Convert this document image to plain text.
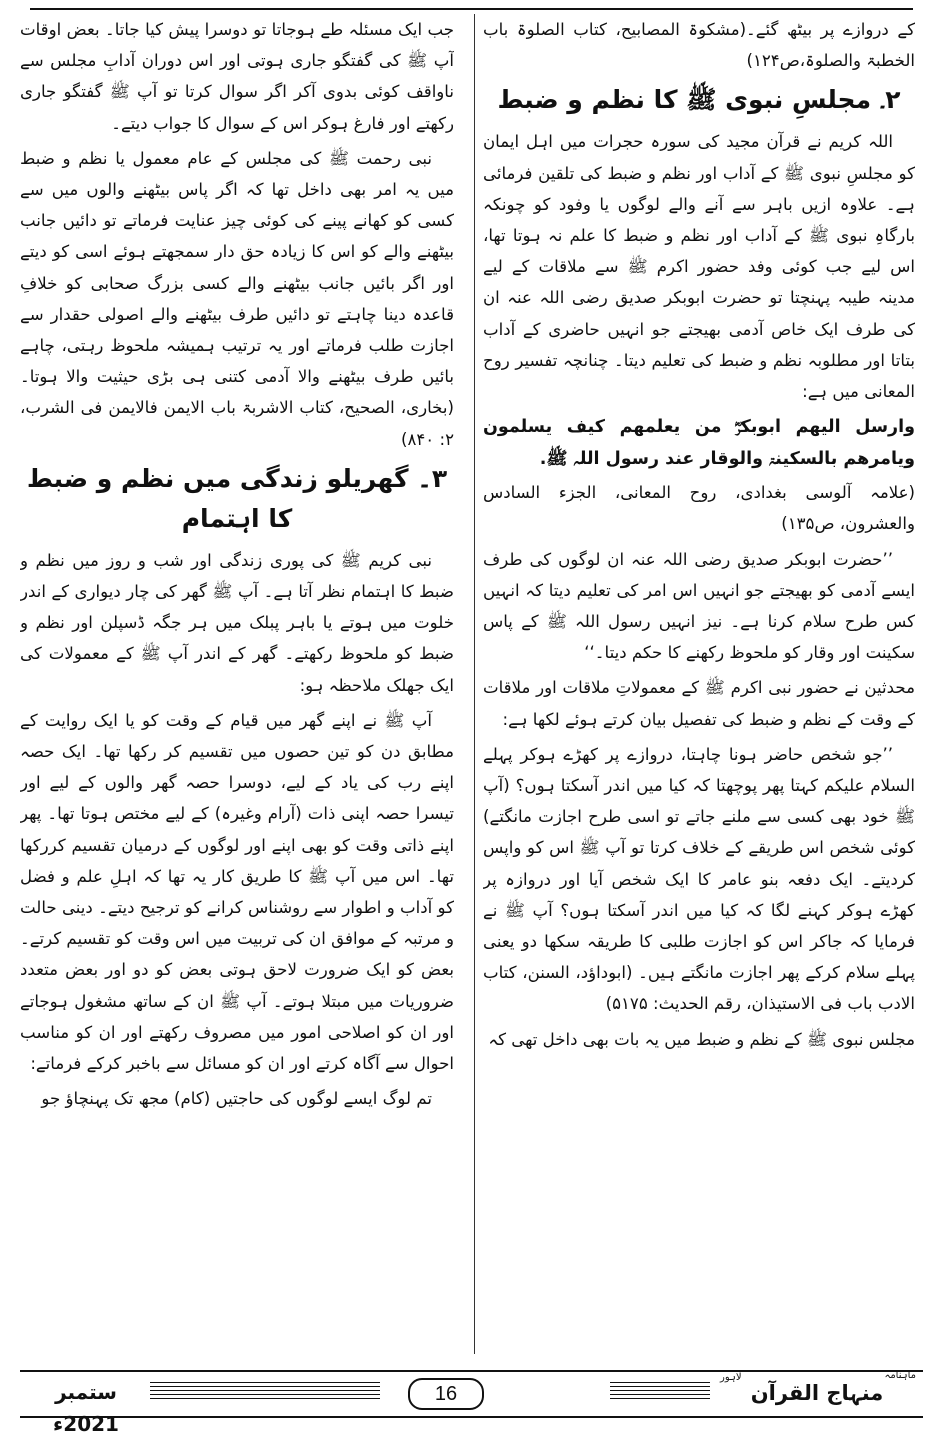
کے دروازے پر بیٹھ گئے۔(مشکوۃ المصابیح، کتاب الصلوۃ باب الخطبۃ والصلوۃ،ص۱۲۴)

۲۔ مجلسِ نبوی ﷺ کا نظم و ضبط

اللہ کریم نے قرآن مجید کی سورہ حجرات میں اہل ایمان کو مجلسِ نبوی ﷺ کے آداب اور نظم و ضبط کی تلقین فرمائی ہے۔ علاوہ ازیں باہر سے آنے والے لوگوں یا وفود کو چونکہ بارگاہِ نبوی ﷺ کے آداب اور نظم و ضبط کا علم نہ ہوتا تھا، اس لیے جب کوئی وفد حضور اکرم ﷺ سے ملاقات کے لیے مدینہ طیبہ پہنچتا تو حضرت ابوبکر صدیق رضی اللہ عنہ ان کی طرف ایک خاص آدمی بھیجتے جو انہیں حاضری کے آداب بتاتا اور مطلوبہ نظم و ضبط کی تعلیم دیتا۔ چنانچہ تفسیر روح المعانی میں ہے:

وارسل الیھم ابوبکرؓ من یعلمھم کیف یسلمون ویامرھم بالسکینۃ والوقار عند رسول اللہ ﷺ.

(علامہ آلوسی بغدادی، روح المعانی، الجزء السادس والعشرون، ص۱۳۵)

’’حضرت ابوبکر صدیق رضی اللہ عنہ ان لوگوں کی طرف ایسے آدمی کو بھیجتے جو انہیں اس امر کی تعلیم دیتا کہ انہیں کس طرح سلام کرنا ہے۔ نیز انہیں رسول اللہ ﷺ کے پاس سکینت اور وقار کو ملحوظ رکھنے کا حکم دیتا۔‘‘

محدثین نے حضور نبی اکرم ﷺ کے معمولاتِ ملاقات اور ملاقات کے وقت کے نظم و ضبط کی تفصیل بیان کرتے ہوئے لکھا ہے:

’’جو شخص حاضر ہونا چاہتا، دروازے پر کھڑے ہوکر پہلے السلام علیکم کہتا پھر پوچھتا کہ کیا میں اندر آسکتا ہوں؟ (آپ ﷺ خود بھی کسی سے ملنے جاتے تو اسی طرح اجازت مانگتے) کوئی شخص اس طریقے کے خلاف کرتا تو آپ ﷺ اس کو واپس کردیتے۔ ایک دفعہ بنو عامر کا ایک شخص آیا اور دروازہ پر کھڑے ہوکر کہنے لگا کہ کیا میں اندر آسکتا ہوں؟ آپ ﷺ نے فرمایا کہ جاکر اس کو اجازت طلبی کا طریقہ سکھا دو یعنی پہلے سلام کرکے پھر اجازت مانگتے ہیں۔ (ابوداؤد، السنن، کتاب الادب باب فی الاستیذان، رقم الحدیث: ۵۱۷۵)

مجلس نبوی ﷺ کے نظم و ضبط میں یہ بات بھی داخل تھی کہ

جب ایک مسئلہ طے ہوجاتا تو دوسرا پیش کیا جاتا۔ بعض اوقات آپ ﷺ کی گفتگو جاری ہوتی اور اس دوران آدابِ مجلس سے ناواقف کوئی بدوی آکر اگر سوال کرتا تو آپ ﷺ گفتگو جاری رکھتے اور فارغ ہوکر اس کے سوال کا جواب دیتے۔

نبی رحمت ﷺ کی مجلس کے عام معمول یا نظم و ضبط میں یہ امر بھی داخل تھا کہ اگر پاس بیٹھنے والوں میں سے کسی کو کھانے پینے کی کوئی چیز عنایت فرماتے تو دائیں جانب بیٹھنے والے کو اس کا زیادہ حق دار سمجھتے ہوئے اسی کو دیتے اور اگر بائیں جانب بیٹھنے والے کسی بزرگ صحابی کو خلافِ قاعدہ دینا چاہتے تو دائیں طرف بیٹھنے والے اصولی حقدار سے اجازت طلب فرماتے اور یہ ترتیب ہمیشہ ملحوظ رہتی، چاہے بائیں طرف بیٹھنے والا آدمی کتنی ہی بڑی حیثیت والا ہوتا۔ (بخاری، الصحیح، کتاب الاشربۃ باب الایمن فالایمن فی الشرب، ۲: ۸۴۰)

۳۔ گھریلو زندگی میں نظم و ضبط کا اہتمام

نبی کریم ﷺ کی پوری زندگی اور شب و روز میں نظم و ضبط کا اہتمام نظر آتا ہے۔ آپ ﷺ گھر کی چار دیواری کے اندر خلوت میں ہوتے یا باہر پبلک میں ہر جگہ ڈسپلن اور نظم و ضبط کو ملحوظ رکھتے۔ گھر کے اندر آپ ﷺ کے معمولات کی ایک جھلک ملاحظہ ہو:

آپ ﷺ نے اپنے گھر میں قیام کے وقت کو یا ایک روایت کے مطابق دن کو تین حصوں میں تقسیم کر رکھا تھا۔ ایک حصہ اپنے رب کی یاد کے لیے، دوسرا حصہ گھر والوں کے لیے اور تیسرا حصہ اپنی ذات (آرام وغیرہ) کے لیے مختص ہوتا تھا۔ پھر اپنے ذاتی وقت کو بھی اپنے اور لوگوں کے درمیان تقسیم کررکھا تھا۔ اس میں آپ ﷺ کا طریق کار یہ تھا کہ اہلِ علم و فضل کو آداب و اطوار سے روشناس کرانے کو ترجیح دیتے۔ دینی حالت و مرتبہ کے موافق ان کی تربیت میں اس وقت کو تقسیم کرتے۔ بعض کو ایک ضرورت لاحق ہوتی بعض کو دو اور بعض متعدد ضروریات میں مبتلا ہوتے۔ آپ ﷺ ان کے ساتھ مشغول ہوجاتے اور ان کو اصلاحی امور میں مصروف رکھتے اور ان کو مناسب احوال سے آگاہ کرتے اور ان کو مسائل سے باخبر کرکے فرماتے:

تم لوگ ایسے لوگوں کی حاجتیں (کام) مجھ تک پہنچاؤ جو

ستمبر 2021ء
16
ماہنامہ
منہاج القرآن
لاہور
